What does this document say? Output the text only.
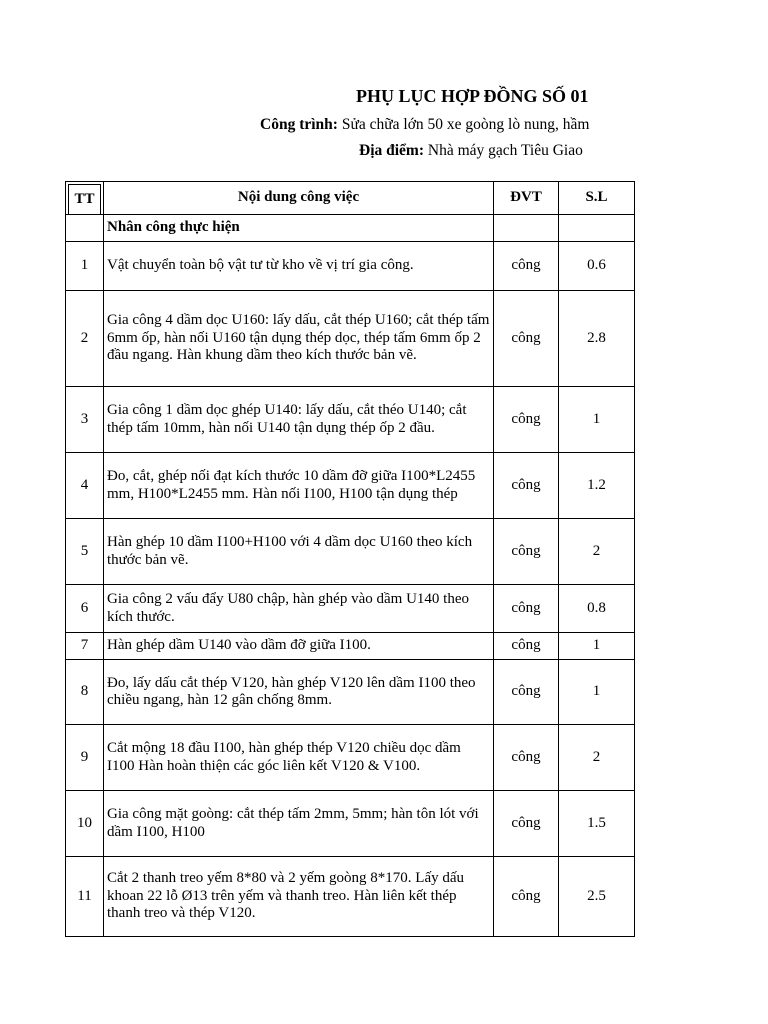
PHỤ LỤC HỢP ĐỒNG SỐ 01
Công trình: Sửa chữa lớn 50 xe goòng lò nung, hầm
Địa điểm: Nhà máy gạch Tiêu Giao
TT	Nội dung công việc	ĐVT	S.L
	Nhân công thực hiện		
1	Vật chuyển toàn bộ vật tư từ kho về vị trí gia công.	công	0.6
2	Gia công 4 dầm dọc U160: lấy dấu, cắt thép U160; cắt thép tấm 6mm ốp, hàn nối U160 tận dụng thép dọc, thép tấm 6mm ốp 2 đầu ngang. Hàn khung dầm theo kích thước bản vẽ.	công	2.8
3	Gia công 1 dầm dọc ghép U140: lấy dấu, cắt théo U140; cắt thép tấm 10mm, hàn nối U140 tận dụng thép ốp 2 đầu.	công	1
4	Đo, cắt, ghép nối đạt kích thước 10 dầm đỡ giữa I100*L2455 mm, H100*L2455 mm. Hàn nối I100, H100 tận dụng thép	công	1.2
5	Hàn ghép 10 dầm I100+H100 với 4 dầm dọc U160 theo kích thước bản vẽ.	công	2
6	Gia công 2 vấu đẩy U80 chập, hàn ghép vào dầm U140 theo kích thước.	công	0.8
7	Hàn ghép dầm U140 vào dầm đỡ giữa I100.	công	1
8	Đo, lấy dấu cắt thép V120, hàn ghép V120 lên dầm I100 theo chiều ngang, hàn 12 gân chống 8mm.	công	1
9	Cắt mộng 18 đầu I100, hàn ghép thép V120 chiều dọc dầm I100 Hàn hoàn thiện các góc liên kết V120 & V100.	công	2
10	Gia công mặt goòng: cắt thép tấm 2mm, 5mm; hàn tôn lót với dầm I100, H100	công	1.5
11	Cắt 2 thanh treo yếm 8*80 và 2 yếm goòng 8*170. Lấy dấu khoan 22 lỗ Ø13 trên yếm và thanh treo. Hàn liên kết thép thanh treo và thép V120.	công	2.5
